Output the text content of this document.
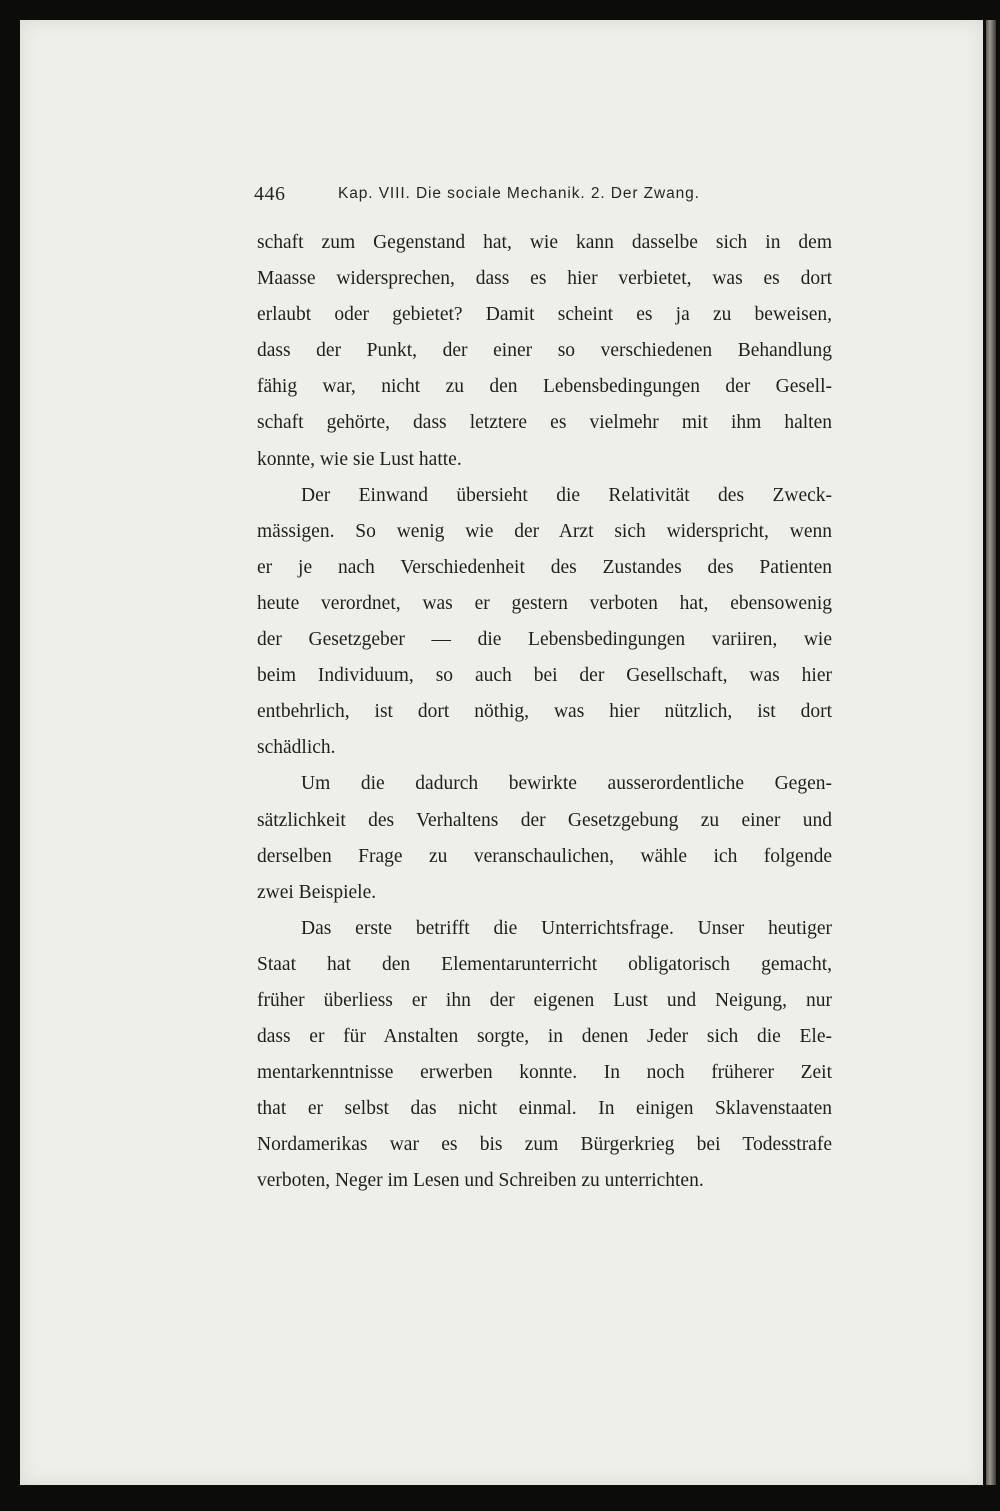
446	Kap. VIII. Die sociale Mechanik. 2. Der Zwang.
schaft zum Gegenstand hat, wie kann dasselbe sich in dem
Maasse widersprechen, dass es hier verbietet, was es dort
erlaubt oder gebietet? Damit scheint es ja zu beweisen,
dass der Punkt, der einer so verschiedenen Behandlung
fähig war, nicht zu den Lebensbedingungen der Gesell-
schaft gehörte, dass letztere es vielmehr mit ihm halten
konnte, wie sie Lust hatte.
Der Einwand übersieht die Relativität des Zweck-
mässigen. So wenig wie der Arzt sich widerspricht, wenn
er je nach Verschiedenheit des Zustandes des Patienten
heute verordnet, was er gestern verboten hat, ebensowenig
der Gesetzgeber — die Lebensbedingungen variiren, wie
beim Individuum, so auch bei der Gesellschaft, was hier
entbehrlich, ist dort nöthig, was hier nützlich, ist dort
schädlich.
Um die dadurch bewirkte ausserordentliche Gegen-
sätzlichkeit des Verhaltens der Gesetzgebung zu einer und
derselben Frage zu veranschaulichen, wähle ich folgende
zwei Beispiele.
Das erste betrifft die Unterrichtsfrage. Unser heutiger
Staat hat den Elementarunterricht obligatorisch gemacht,
früher überliess er ihn der eigenen Lust und Neigung, nur
dass er für Anstalten sorgte, in denen Jeder sich die Ele-
mentarkenntnisse erwerben konnte. In noch früherer Zeit
that er selbst das nicht einmal. In einigen Sklavenstaaten
Nordamerikas war es bis zum Bürgerkrieg bei Todesstrafe
verboten, Neger im Lesen und Schreiben zu unterrichten.
